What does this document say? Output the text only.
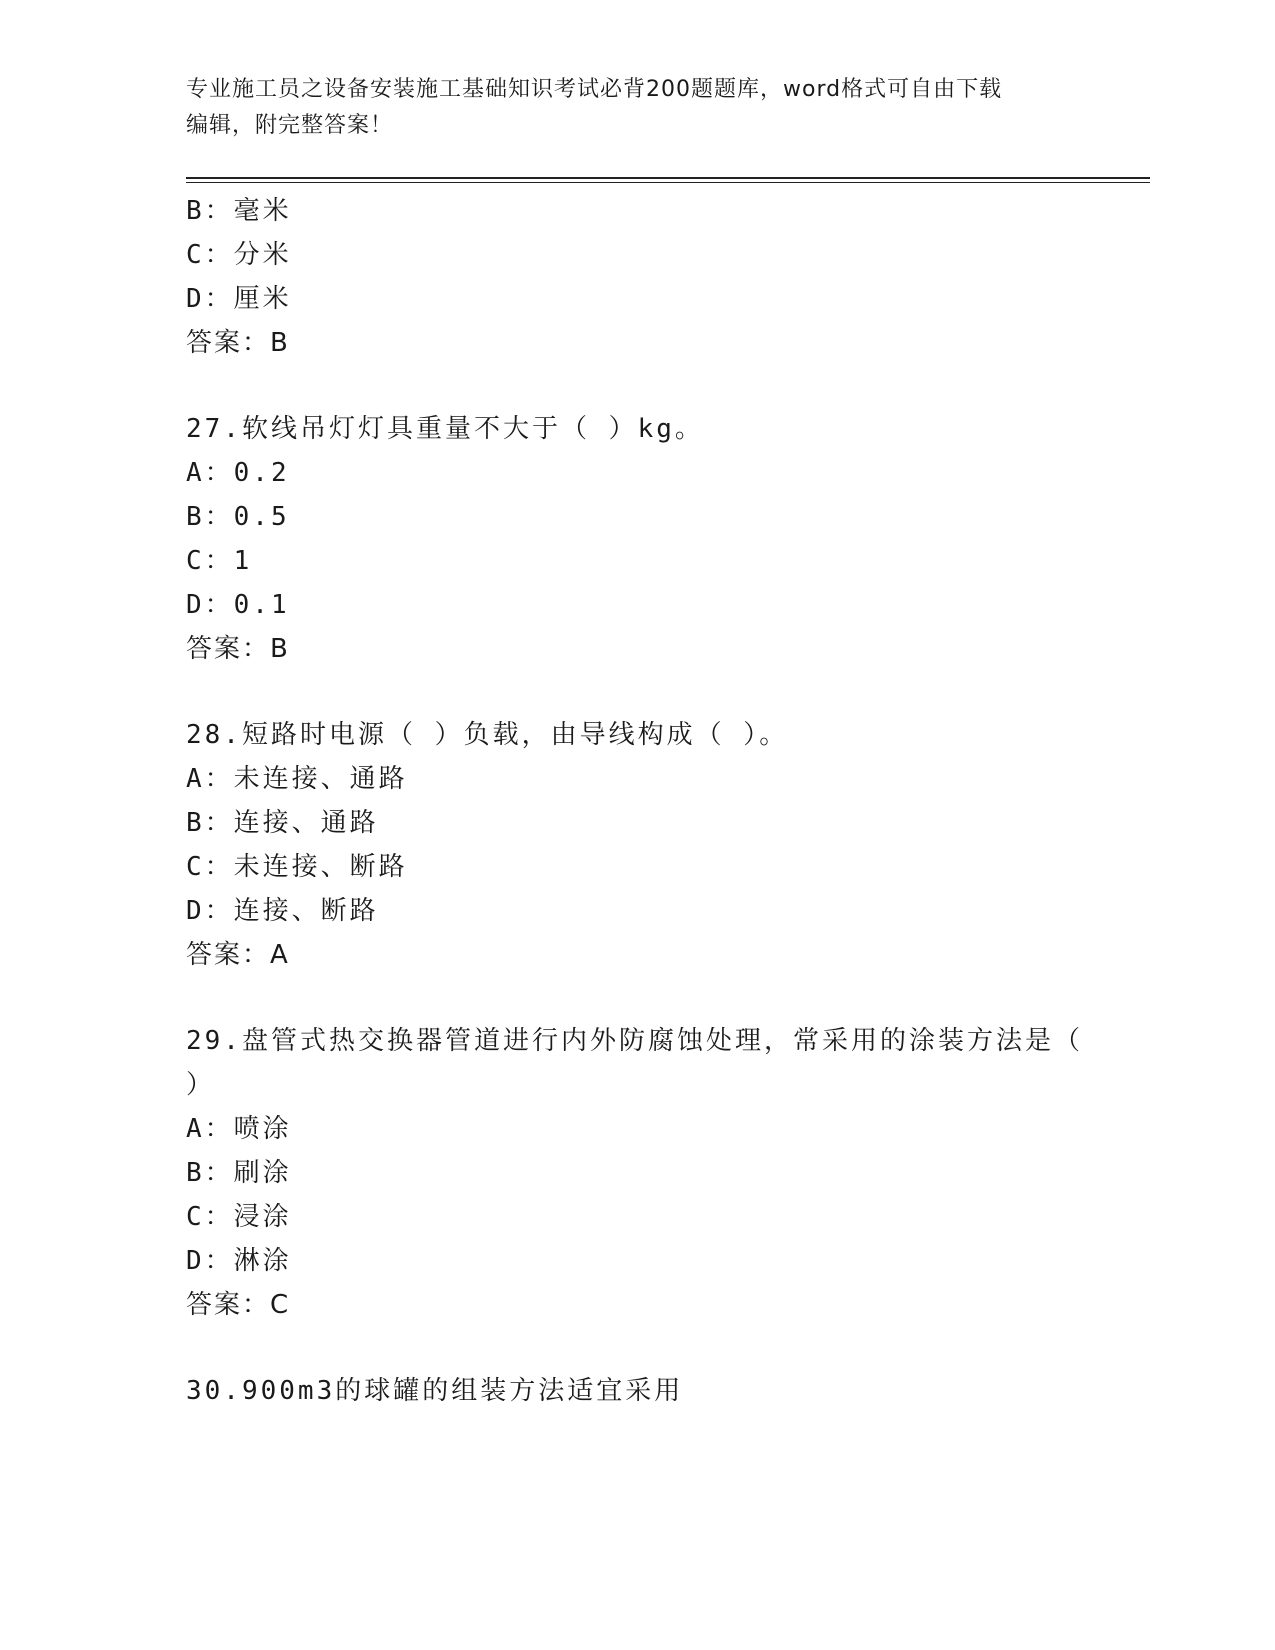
专业施工员之设备安装施工基础知识考试必背200题题库，word格式可自由下载
编辑，附完整答案！
B：毫米
C：分米
D：厘米
答案：B
27.软线吊灯灯具重量不大于（ ）kg。
A：0.2
B：0.5
C：1
D：0.1
答案：B
28.短路时电源（ ）负载，由导线构成（ ）。
A：未连接、通路
B：连接、通路
C：未连接、断路
D：连接、断路
答案：A
29.盘管式热交换器管道进行内外防腐蚀处理，常采用的涂装方法是（
）
A：喷涂
B：刷涂
C：浸涂
D：淋涂
答案：C
30.900m3的球罐的组装方法适宜采用
